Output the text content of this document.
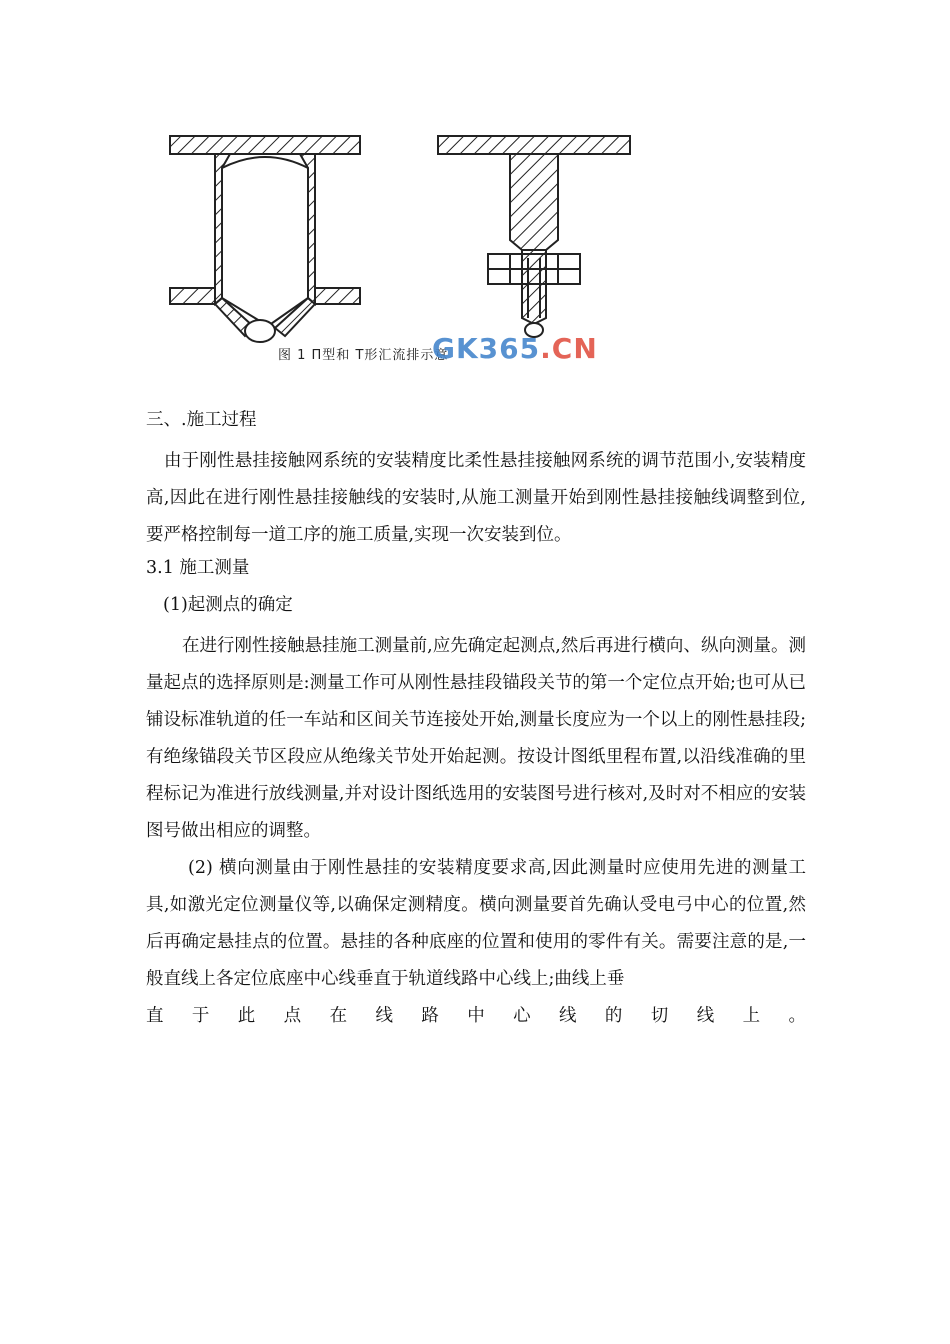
图 1 Π型和 T形汇流排示意
GK365.CN
三、.施工过程

由于刚性悬挂接触网系统的安装精度比柔性悬挂接触网系统的调节范围小,安装精度高,因此在进行刚性悬挂接触线的安装时,从施工测量开始到刚性悬挂接触线调整到位,要严格控制每一道工序的施工质量,实现一次安装到位。

3.1 施工测量
(1)起测点的确定

在进行刚性接触悬挂施工测量前,应先确定起测点,然后再进行横向、纵向测量。测量起点的选择原则是:测量工作可从刚性悬挂段锚段关节的第一个定位点开始;也可从已铺设标准轨道的任一车站和区间关节连接处开始,测量长度应为一个以上的刚性悬挂段;有绝缘锚段关节区段应从绝缘关节处开始起测。按设计图纸里程布置,以沿线准确的里程标记为准进行放线测量,并对设计图纸选用的安装图号进行核对,及时对不相应的安装图号做出相应的调整。

(2) 横向测量由于刚性悬挂的安装精度要求高,因此测量时应使用先进的测量工具,如激光定位测量仪等,以确保定测精度。横向测量要首先确认受电弓中心的位置,然后再确定悬挂点的位置。悬挂的各种底座的位置和使用的零件有关。需要注意的是,一般直线上各定位底座中心线垂直于轨道线路中心线上;曲线上垂

直 于 此 点 在 线 路 中 心 线 的 切 线 上 。
